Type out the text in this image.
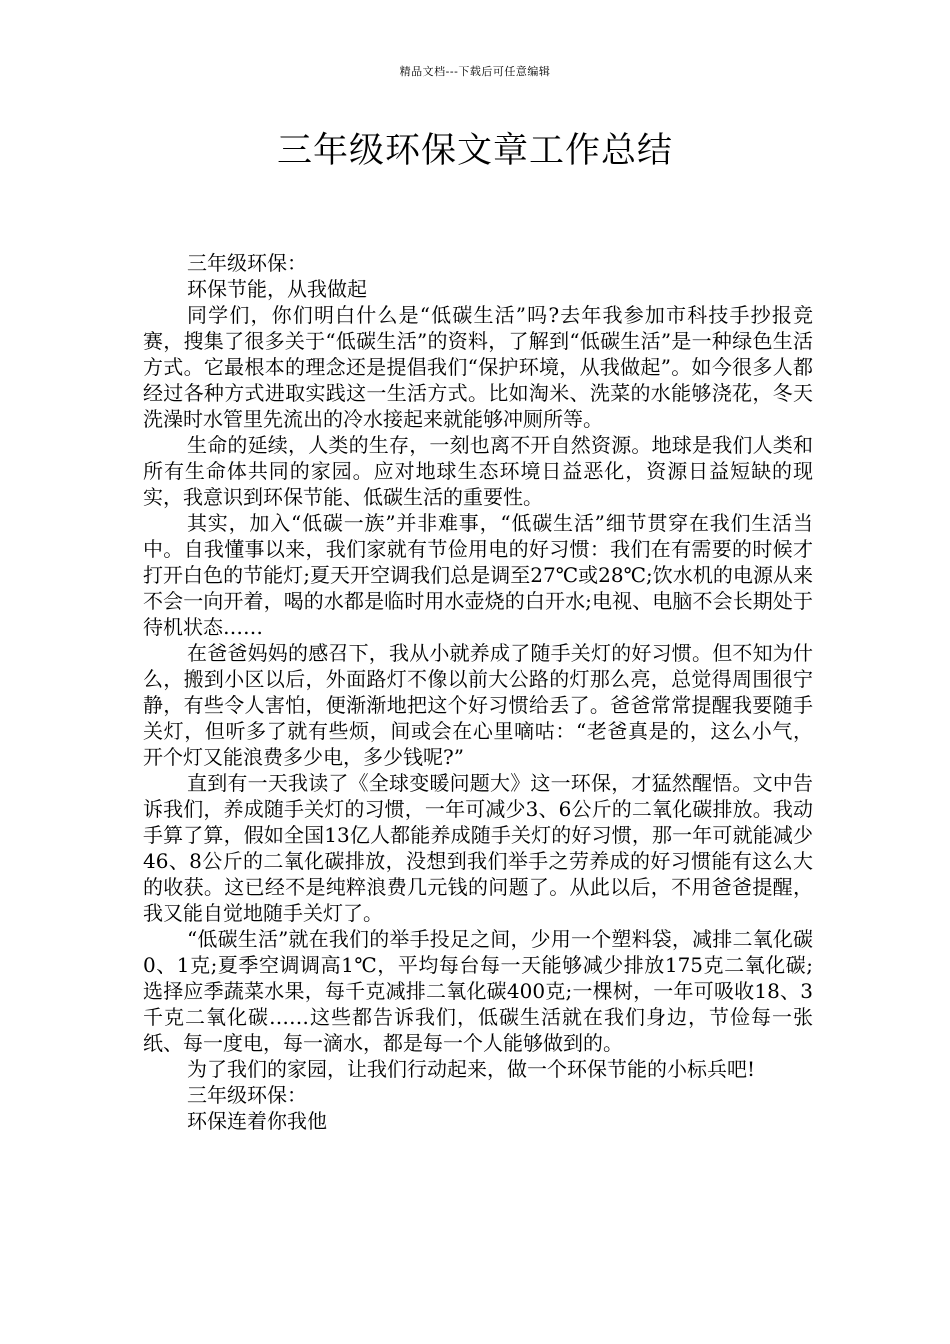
精品文档---下载后可任意编辑
三年级环保文章工作总结

三年级环保：

环保节能，从我做起

同学们，你们明白什么是“低碳生活”吗?去年我参加市科技手抄报竞赛，搜集了很多关于“低碳生活”的资料，了解到“低碳生活”是一种绿色生活方式。它最根本的理念还是提倡我们“保护环境，从我做起”。如今很多人都经过各种方式进取实践这一生活方式。比如淘米、洗菜的水能够浇花，冬天洗澡时水管里先流出的冷水接起来就能够冲厕所等。

生命的延续，人类的生存，一刻也离不开自然资源。地球是我们人类和所有生命体共同的家园。应对地球生态环境日益恶化，资源日益短缺的现实，我意识到环保节能、低碳生活的重要性。

其实，加入“低碳一族”并非难事，“低碳生活”细节贯穿在我们生活当中。自我懂事以来，我们家就有节俭用电的好习惯：我们在有需要的时候才打开白色的节能灯;夏天开空调我们总是调至27℃或28℃;饮水机的电源从来不会一向开着，喝的水都是临时用水壶烧的白开水;电视、电脑不会长期处于待机状态……

在爸爸妈妈的感召下，我从小就养成了随手关灯的好习惯。但不知为什么，搬到小区以后，外面路灯不像以前大公路的灯那么亮，总觉得周围很宁静，有些令人害怕，便渐渐地把这个好习惯给丢了。爸爸常常提醒我要随手关灯，但听多了就有些烦，间或会在心里嘀咕：“老爸真是的，这么小气，开个灯又能浪费多少电，多少钱呢?”

直到有一天我读了《全球变暖问题大》这一环保，才猛然醒悟。文中告诉我们，养成随手关灯的习惯，一年可减少3、6公斤的二氧化碳排放。我动手算了算，假如全国13亿人都能养成随手关灯的好习惯，那一年可就能减少46、8公斤的二氧化碳排放，没想到我们举手之劳养成的好习惯能有这么大的收获。这已经不是纯粹浪费几元钱的问题了。从此以后，不用爸爸提醒，我又能自觉地随手关灯了。

“低碳生活”就在我们的举手投足之间，少用一个塑料袋，减排二氧化碳0、1克;夏季空调调高1℃，平均每台每一天能够减少排放175克二氧化碳;选择应季蔬菜水果，每千克减排二氧化碳400克;一棵树，一年可吸收18、3千克二氧化碳……这些都告诉我们，低碳生活就在我们身边，节俭每一张纸、每一度电，每一滴水，都是每一个人能够做到的。

为了我们的家园，让我们行动起来，做一个环保节能的小标兵吧!

三年级环保：

环保连着你我他
